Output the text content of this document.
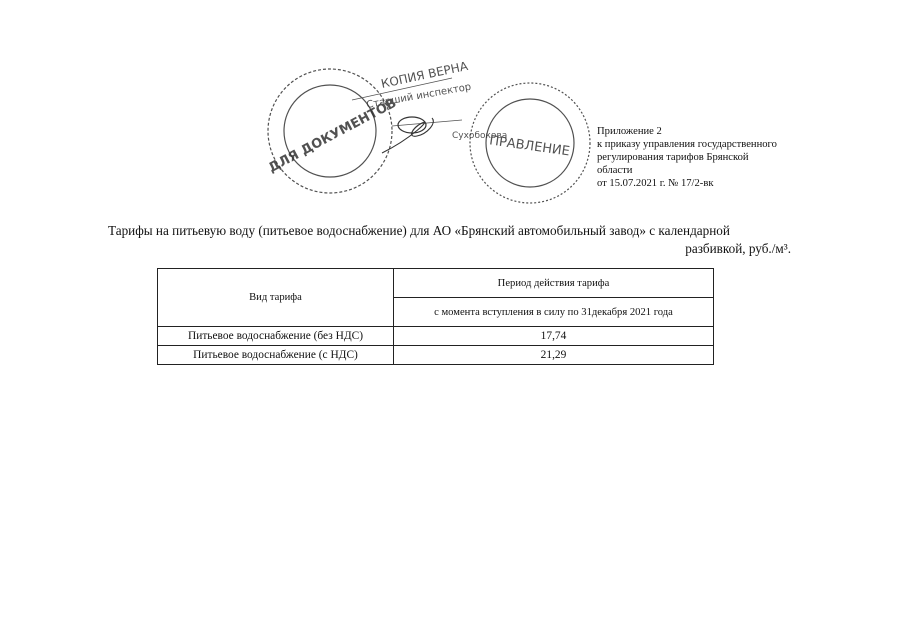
ДЛЯ ДОКУМЕНТОВ	ПРАВЛЕНИЕ
КОПИЯ ВЕРНА
Старший инспектор
Сухобокова	Приложение 2
к приказу управления государственного
регулирования тарифов Брянской
области
от 15.07.2021 г. № 17/2-вк
Тарифы на питьевую воду (питьевое водоснабжение) для АО «Брянский автомобильный завод» с календарной
разбивкой, руб./м³.
Вид тарифа	Период действия тарифа
	с момента вступления в силу по 31декабря 2021 года
Питьевое водоснабжение (без НДС)	17,74
Питьевое водоснабжение (с НДС)	21,29
